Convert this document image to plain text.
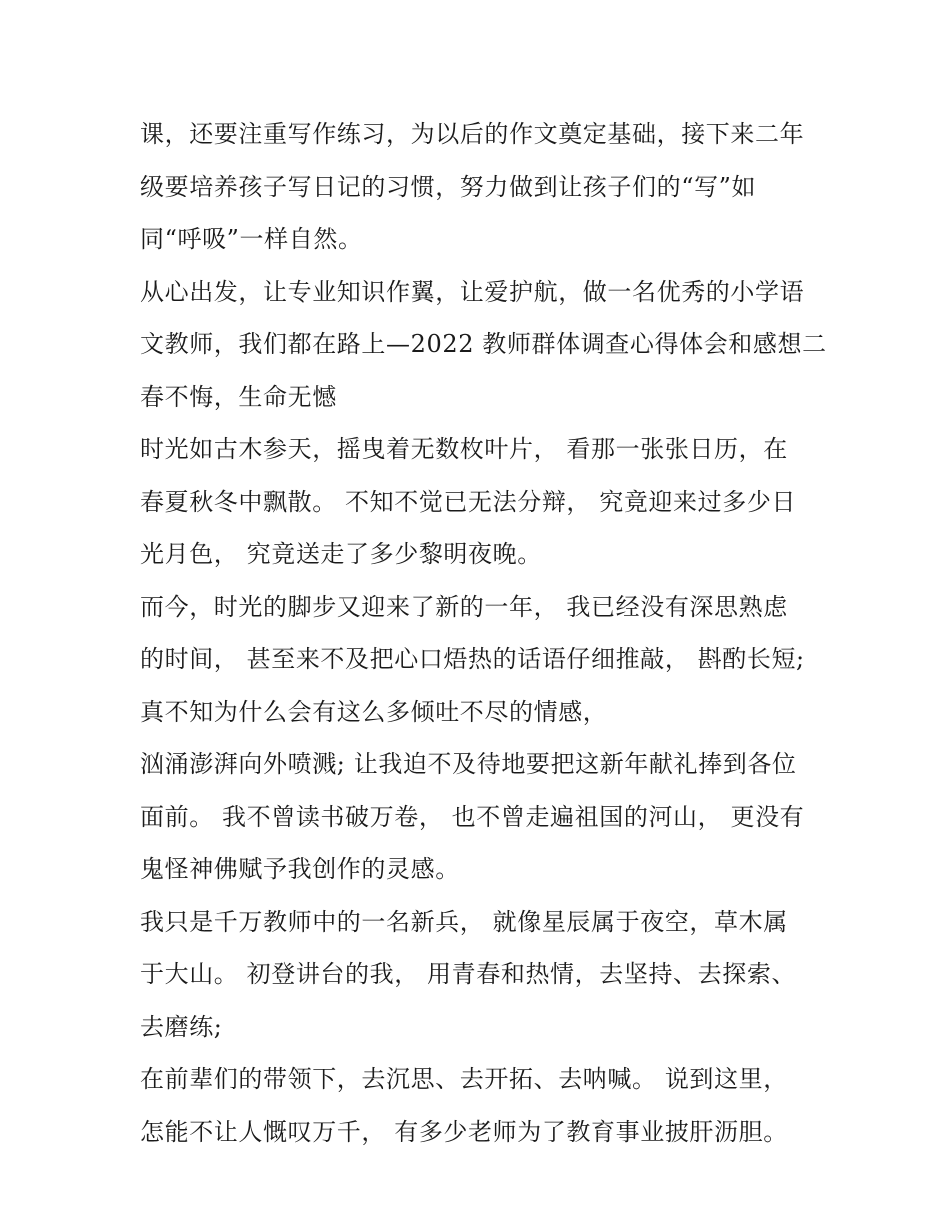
课，还要注重写作练习，为以后的作文奠定基础，接下来二年
级要培养孩子写日记的习惯，努力做到让孩子们的“写”如
同“呼吸”一样自然。
从心出发，让专业知识作翼，让爱护航，做一名优秀的小学语
文教师，我们都在路上—2022 教师群体调查心得体会和感想二
春不悔，生命无憾
时光如古木参天，摇曳着无数枚叶片， 看那一张张日历，在
春夏秋冬中飘散。 不知不觉已无法分辩， 究竟迎来过多少日
光月色， 究竟送走了多少黎明夜晚。
而今，时光的脚步又迎来了新的一年， 我已经没有深思熟虑
的时间， 甚至来不及把心口焐热的话语仔细推敲， 斟酌长短;
真不知为什么会有这么多倾吐不尽的情感，
汹涌澎湃向外喷溅; 让我迫不及待地要把这新年献礼捧到各位
面前。 我不曾读书破万卷， 也不曾走遍祖国的河山， 更没有
鬼怪神佛赋予我创作的灵感。
我只是千万教师中的一名新兵， 就像星辰属于夜空，草木属
于大山。 初登讲台的我， 用青春和热情，去坚持、去探索、
去磨练;
在前辈们的带领下，去沉思、去开拓、去呐喊。 说到这里，
怎能不让人慨叹万千， 有多少老师为了教育事业披肝沥胆。
